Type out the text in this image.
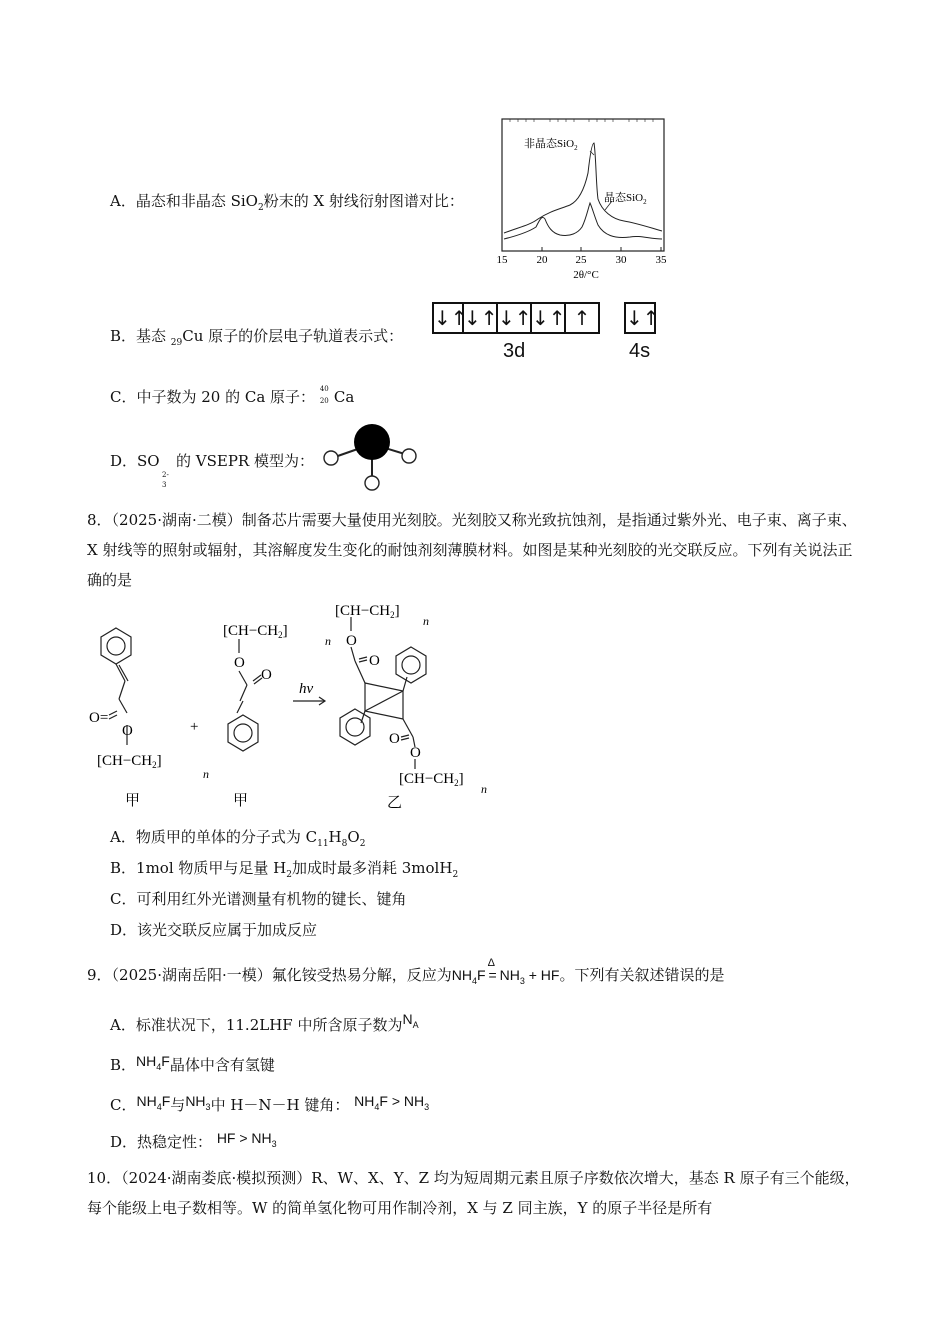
A．晶态和非晶态 SiO$_2$粉末的 X 射线衍射图谱对比：
非晶态SiO$_2$
晶态SiO$_2$
15	20	25	30	35
2θ/°C
B．基态 $_{29}$Cu 原子的价层电子轨道表示式：
↓↑
↓↑ ↓↑ ↓↑ ↑
3d
↓↑
4s
C．中子数为 20 的 Ca 原子： 40
20 Ca
D．SO
2-
3
的 VSEPR 模型为：
8．（2025·湖南·二模）制备芯片需要大量使用光刻胶。光刻胶又称光致抗蚀剂，是指通过紫外光、电子束、离子束、X 射线等的照射或辐射，其溶解度发生变化的耐蚀剂刻薄膜材料。如图是某种光刻胶的光交联反应。下列有关说法正确的是
O=
O
$[CH-CH_2]$
n
+
$[CH-CH_2]$
n
O
O
hv
$[CH-CH_2]$
n
O
O
O
O
$[CH-CH_2]$
n
甲	甲	乙
A．物质甲的单体的分子式为 $C_{11}H_8O_2$
B．1mol 物质甲与足量 $H_2$加成时最多消耗 3molH$_2$
C．可利用红外光谱测量有机物的键长、键角
D．该光交联反应属于加成反应
9．（2025·湖南岳阳·一模）氟化铵受热易分解，反应为$NH_4F$
Δ
= $NH_3$ + HF。下列有关叙述错误的是
A．标准状况下，11.2LHF 中所含原子数为$N_A$
B．$NH_4F$晶体中含有氢键
C．$NH_4F$与$NH_3$中 H－N－H 键角： $NH_4F > NH_3$
D．热稳定性： HF > $NH_3$
10．（2024·湖南娄底·模拟预测）R、W、X、Y、Z 均为短周期元素且原子序数依次增大，基态 R 原子有三个能级，每个能级上电子数相等。W 的简单氢化物可用作制冷剂，X 与 Z 同主族，Y 的原子半径是所有
